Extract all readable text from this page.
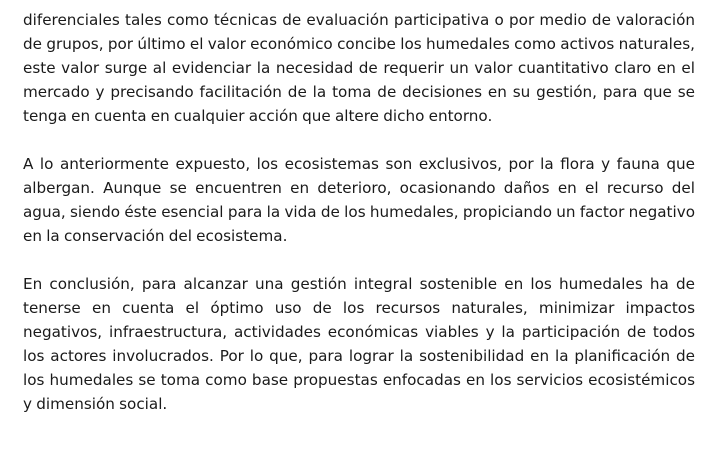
diferenciales tales como técnicas de evaluación participativa o por medio de valoración de grupos, por último el valor económico concibe los humedales como activos naturales, este valor surge al evidenciar la necesidad de requerir un valor cuantitativo claro en el mercado y precisando facilitación de la toma de decisiones en su gestión, para que se tenga en cuenta en cualquier acción que altere dicho entorno.

A lo anteriormente expuesto, los ecosistemas son exclusivos, por la flora y fauna que albergan. Aunque se encuentren en deterioro, ocasionando daños en el recurso del agua, siendo éste esencial para la vida de los humedales, propiciando un factor negativo en la conservación del ecosistema.

En conclusión, para alcanzar una gestión integral sostenible en los humedales ha de tenerse en cuenta el óptimo uso de los recursos naturales, minimizar impactos negativos, infraestructura, actividades económicas viables y la participación de todos los actores involucrados. Por lo que, para lograr la sostenibilidad en la planificación de los humedales se toma como base propuestas enfocadas en los servicios ecosistémicos y dimensión social.
